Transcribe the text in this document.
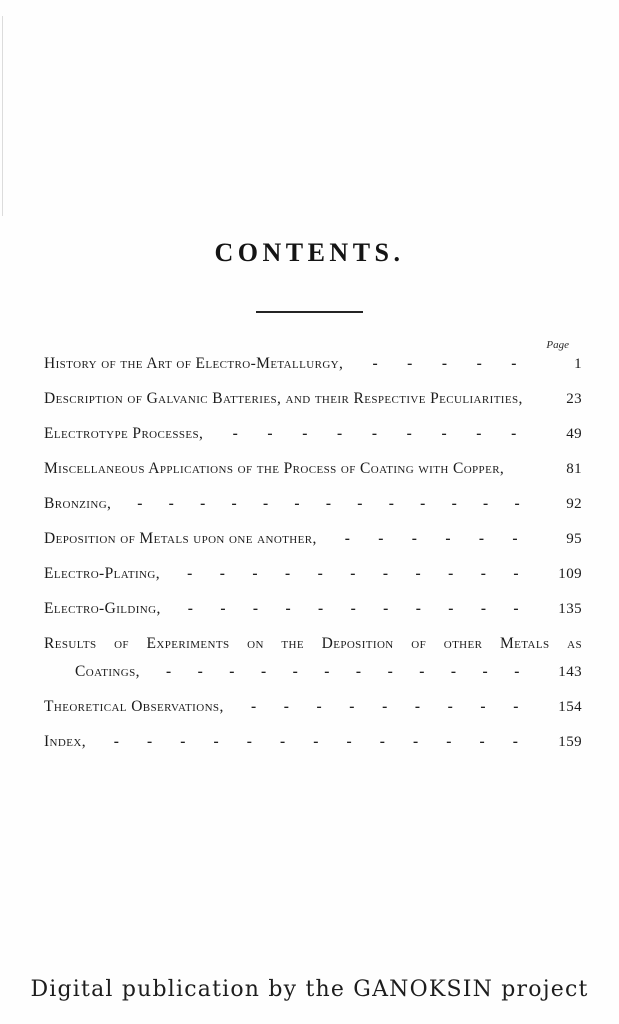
CONTENTS.
Page
History of the Art of Electro-Metallurgy, - - - - -	1
Description of Galvanic Batteries, and their Respective Peculiarities,	23
Electrotype Processes, - - - - - - - - -	49
Miscellaneous Applications of the Process of Coating with Copper,	81
Bronzing, - - - - - - - - - - - - -	92
Deposition of Metals upon one another, - - - - - -	95
Electro-Plating, - - - - - - - - - - -	109
Electro-Gilding, - - - - - - - - - - -	135
Results of Experiments on the Deposition of other Metals as
Coatings, - - - - - - - - - - - -	143
Theoretical Observations, - - - - - - - - -	154
Index, - - - - - - - - - - - - -	159
Digital publication by the GANOKSIN project
